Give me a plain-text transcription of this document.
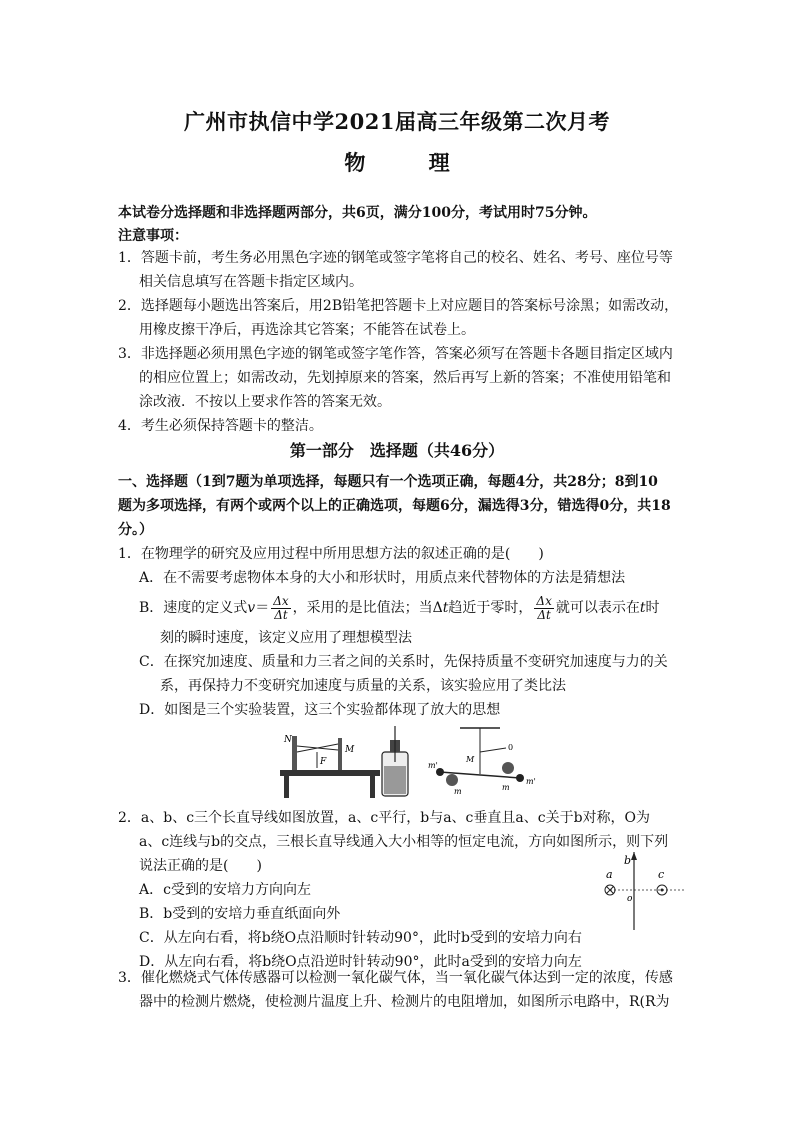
广州市执信中学2021届高三年级第二次月考
物 理
本试卷分选择题和非选择题两部分，共6页，满分100分，考试用时75分钟。
注意事项：
1．答题卡前，考生务必用黑色字迹的钢笔或签字笔将自己的校名、姓名、考号、座位号等
相关信息填写在答题卡指定区域内。
2．选择题每小题选出答案后，用2B铅笔把答题卡上对应题目的答案标号涂黑；如需改动，
用橡皮擦干净后，再选涂其它答案；不能答在试卷上。
3．非选择题必须用黑色字迹的钢笔或签字笔作答，答案必须写在答题卡各题目指定区域内
的相应位置上；如需改动，先划掉原来的答案，然后再写上新的答案；不准使用铅笔和
涂改液．不按以上要求作答的答案无效。
4．考生必须保持答题卡的整洁。
第一部分　选择题（共46分）
一、选择题（1到7题为单项选择，每题只有一个选项正确，每题4分，共28分；8到10
题为多项选择，有两个或两个以上的正确选项，每题6分，漏选得3分，错选得0分，共18
分。）
1．在物理学的研究及应用过程中所用思想方法的叙述正确的是(　　)
A．在不需要考虑物体本身的大小和形状时，用质点来代替物体的方法是猜想法
B．速度的定义式$v= \frac{\Delta x}{\Delta t}$ ，采用的是比值法；当Δt趋近于零时， $\frac{\Delta x}{\Delta t}$ 就可以表示在t时
刻的瞬时速度，该定义应用了理想模型法
C．在探究加速度、质量和力三者之间的关系时，先保持质量不变研究加速度与力的关
系，再保持力不变研究加速度与质量的关系，该实验应用了类比法
D．如图是三个实验装置，这三个实验都体现了放大的思想
N
M
F
0
M
m'
m	m
m'
2．a、b、c三个长直导线如图放置，a、c平行，b与a、c垂直且a、c关于b对称，O为
a、c连线与b的交点，三根长直导线通入大小相等的恒定电流，方向如图所示，则下列
说法正确的是(　　)
A．c受到的安培力方向向左
B．b受到的安培力垂直纸面向外
C．从左向右看，将b绕O点沿顺时针转动90°，此时b受到的安培力向右
D．从左向右看，将b绕O点沿逆时针转动90°，此时a受到的安培力向左
a
b
c
o
3．催化燃烧式气体传感器可以检测一氧化碳气体，当一氧化碳气体达到一定的浓度，传感
器中的检测片燃烧，使检测片温度上升、检测片的电阻增加，如图所示电路中，R(R为
